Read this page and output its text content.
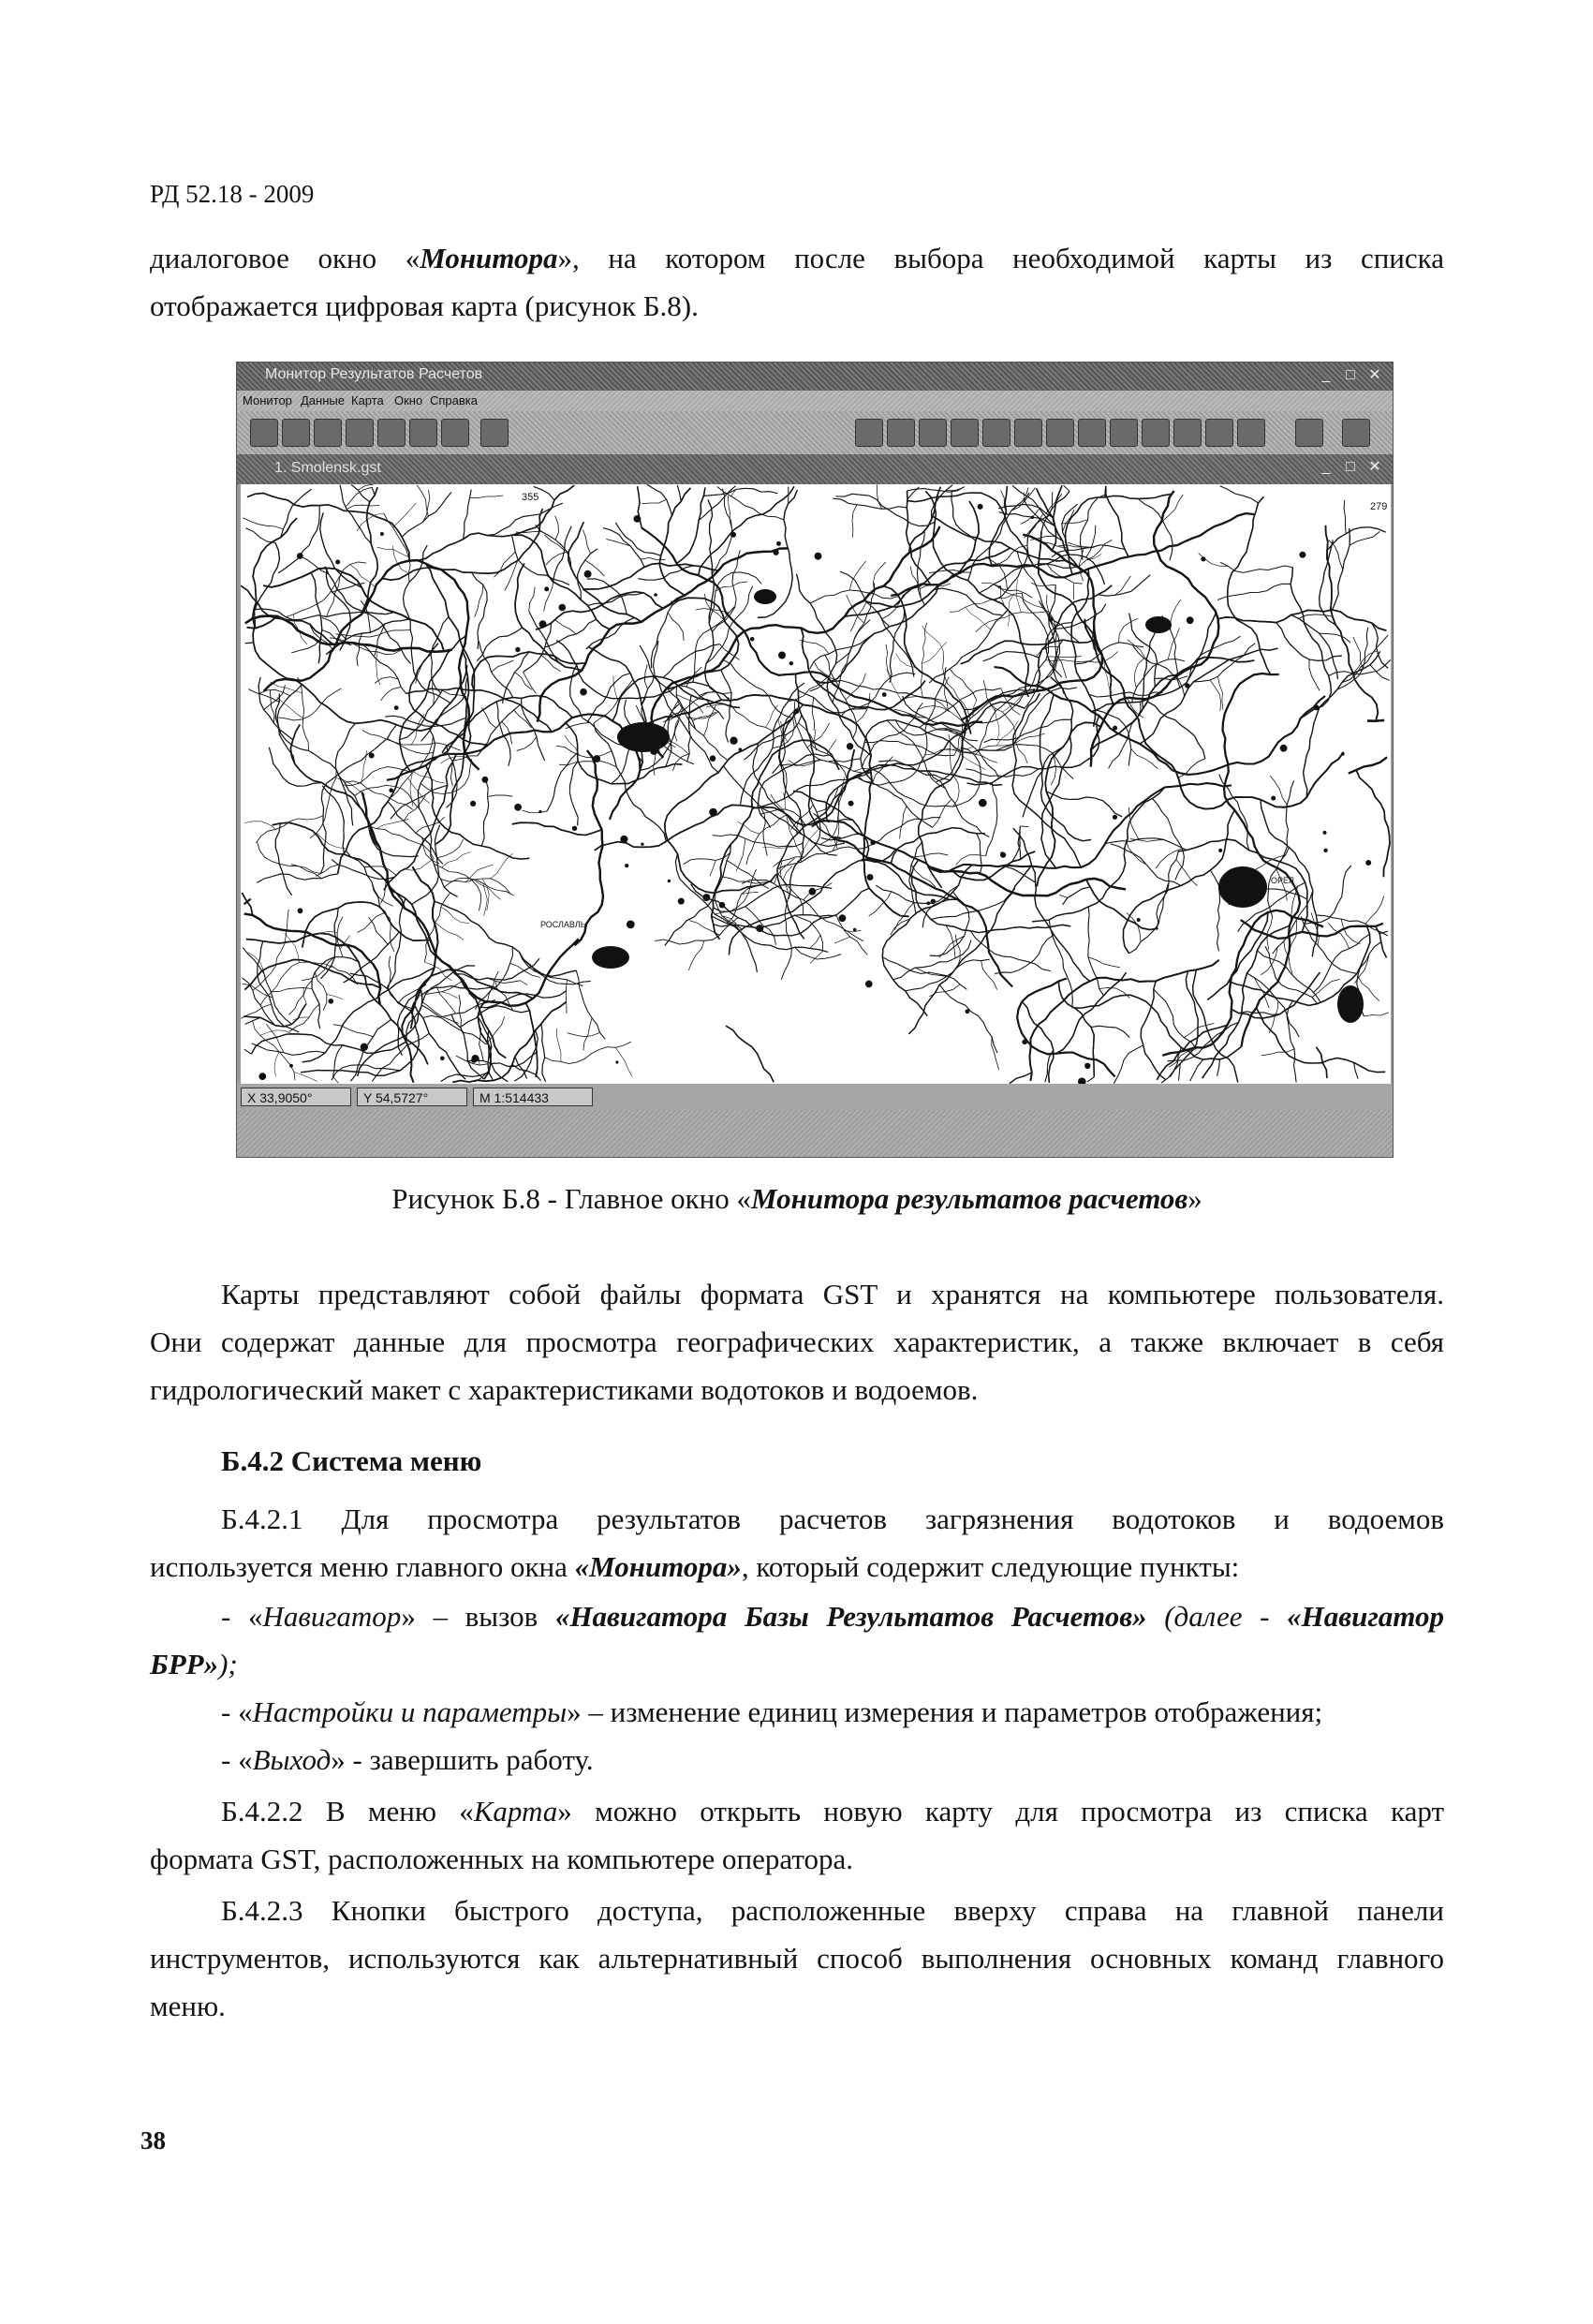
РД 52.18 - 2009

диалоговое окно «Монитора», на котором после выбора необходимой карты из списка
отображается цифровая карта (рисунок Б.8).

Монитор Результатов Расчетов	_	□ ✕
Монитор Данные Карта Окно Справка
1. Smolensk.gst	_	□ ✕
355
279
РОСЛАВЛЬ
ОРЕЛ
X 33,9050°	Y 54,5727°	М 1:514433
Рисунок Б.8 - Главное окно «Монитора результатов расчетов»

Карты представляют собой файлы формата GST и хранятся на компьютере пользователя.
Они содержат данные для просмотра географических характеристик, а также включает в себя
гидрологический макет с характеристиками водотоков и водоемов.

Б.4.2 Система меню

Б.4.2.1 Для просмотра результатов расчетов загрязнения водотоков и водоемов
используется меню главного окна «Монитора», который содержит следующие пункты:

- «Навигатор» – вызов «Навигатора Базы Результатов Расчетов» (далее - «Навигатор
БРР»);
- «Настройки и параметры» – изменение единиц измерения и параметров отображения;
- «Выход» - завершить работу.

Б.4.2.2 В меню «Карта» можно открыть новую карту для просмотра из списка карт
формата GST, расположенных на компьютере оператора.

Б.4.2.3 Кнопки быстрого доступа, расположенные вверху справа на главной панели
инструментов, используются как альтернативный способ выполнения основных команд главного
меню.

38
